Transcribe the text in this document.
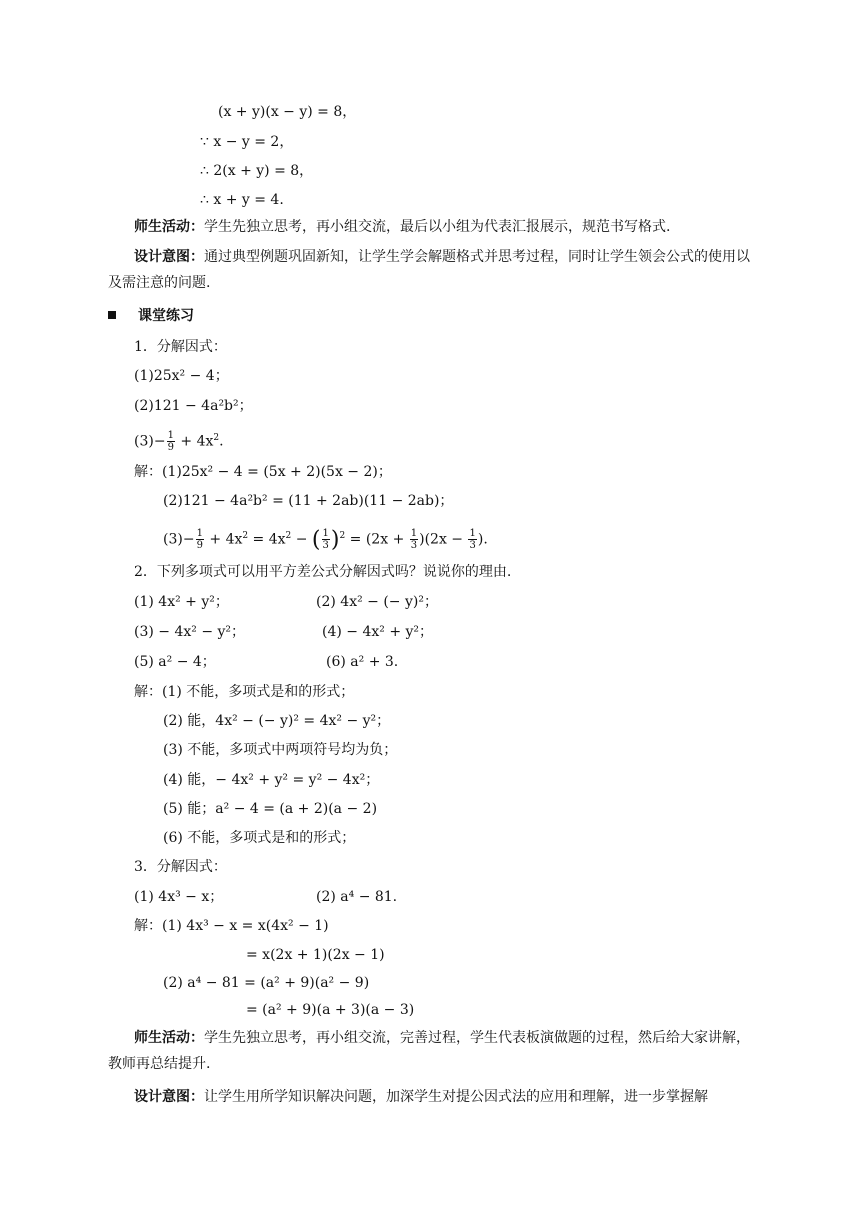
(x + y)(x − y) = 8，
∵ x − y = 2，
∴ 2(x + y) = 8，
∴ x + y = 4.
师生活动：学生先独立思考，再小组交流，最后以小组为代表汇报展示，规范书写格式.
设计意图：通过典型例题巩固新知，让学生学会解题格式并思考过程，同时让学生领会公式的使用以及需注意的问题.
课堂练习
1．分解因式：
(1)25x² − 4；
(2)121 − 4a²b²；
$(3)- \frac{1}{9} + 4x^2$.
解：(1)25x² − 4 = (5x + 2)(5x − 2)；
(2)121 − 4a²b² = (11 + 2ab)(11 − 2ab)；
$(3)- \frac{1}{9} + 4x^2 = 4x^2$ − ( $\frac{1}{3} )^2 = (2x + \frac{1}{3} )(2x - \frac{1}{3}$ ).
2．下列多项式可以用平方差公式分解因式吗？说说你的理由.
(1) 4x² + y²；	(2) 4x² − (− y)²；
(3) − 4x² − y²；	(4) − 4x² + y²；
(5) a² − 4；	(6) a² + 3.
解：(1) 不能，多项式是和的形式；
(2) 能，4x² − (− y)² = 4x² − y²；
(3) 不能，多项式中两项符号均为负；
(4) 能，− 4x² + y² = y² − 4x²；
(5) 能；a² − 4 = (a + 2)(a − 2)
(6) 不能，多项式是和的形式；
3．分解因式：
(1) 4x³ − x；	(2) a⁴ − 81.
解：(1) 4x³ − x = x(4x² − 1)
= x(2x + 1)(2x − 1)
(2) a⁴ − 81 = (a² + 9)(a² − 9)
= (a² + 9)(a + 3)(a − 3)
师生活动：学生先独立思考，再小组交流，完善过程，学生代表板演做题的过程，然后给大家讲解，教师再总结提升.
设计意图：让学生用所学知识解决问题，加深学生对提公因式法的应用和理解，进一步掌握解
